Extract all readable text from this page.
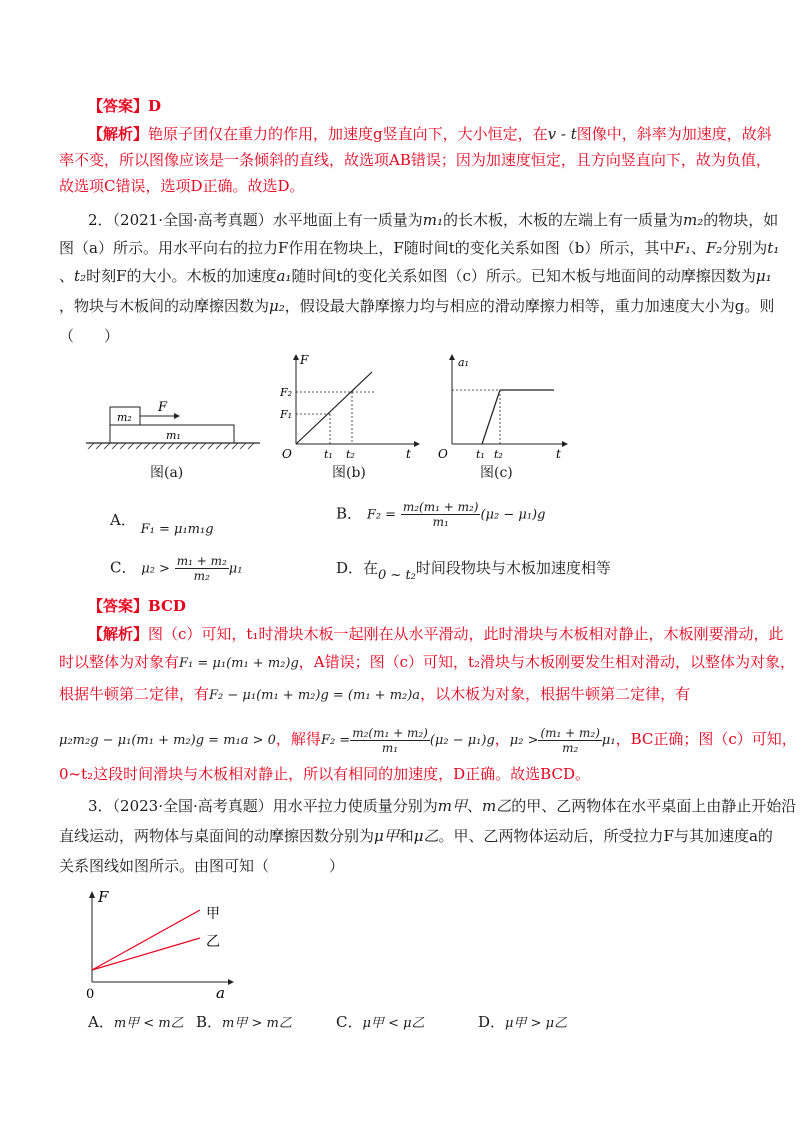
【答案】D
【解析】铯原子团仅在重力的作用，加速度g竖直向下，大小恒定，在v - t图像中，斜率为加速度，故斜
率不变，所以图像应该是一条倾斜的直线，故选项AB错误；因为加速度恒定，且方向竖直向下，故为负值，
故选项C错误，选项D正确。故选D。
2．（2021·全国·高考真题）水平地面上有一质量为m₁的长木板，木板的左端上有一质量为m₂的物块，如
图（a）所示。用水平向右的拉力F作用在物块上，F随时间t的变化关系如图（b）所示，其中F₁、F₂分别为t₁
、t₂时刻F的大小。木板的加速度a₁随时间t的变化关系如图（c）所示。已知木板与地面间的动摩擦因数为μ₁
，物块与木板间的动摩擦因数为μ₂，假设最大静摩擦力均与相应的滑动摩擦力相等，重力加速度大小为g。则
（　　）
m₂
m₁
F
图(a)
F
F₁
F₂
O	t₁ t₂	t
图(b)
a₁
O	t₁ t₂	t
图(c)
A． F₁ = μ₁m₁g
B． $F_2 = \frac{\text{m₂(m₁ + m₂)}}{\text{m₁}} (\mu_2 - \mu_1)g$
C． $\mu_2 > \frac{\text{m₁ + m₂}}{\text{m₂}} \mu_1$	D．在0 ~ t₂时间段物块与木板加速度相等
【答案】BCD
【解析】图（c）可知，t₁时滑块木板一起刚在从水平滑动，此时滑块与木板相对静止，木板刚要滑动，此
时以整体为对象有F₁ = μ₁(m₁ + m₂)g，A错误；图（c）可知，t₂滑块与木板刚要发生相对滑动，以整体为对象，
根据牛顿第二定律，有F₂ − μ₁(m₁ + m₂)g = (m₁ + m₂)a，以木板为对象，根据牛顿第二定律，有
μ₂m₂g − μ₁(m₁ + m₂)g = m₁a > 0，解得$F_2 = \frac{\text{m₂(m₁ + m₂)}}{\text{m₁}} (\mu_2 - \mu_1)g$，$\mu_2 > \frac{\text{(m₁ + m₂)}}{\text{m₂}} \mu_1$，BC正确；图（c）可知，
0~t₂这段时间滑块与木板相对静止，所以有相同的加速度，D正确。故选BCD。
3．（2023·全国·高考真题）用水平拉力使质量分别为m甲、m乙的甲、乙两物体在水平桌面上由静止开始沿
直线运动，两物体与桌面间的动摩擦因数分别为μ甲和μ乙。甲、乙两物体运动后，所受拉力F与其加速度a的
关系图线如图所示。由图可知（　　　　）
F
0	a
甲
乙
A．m甲 < m乙 B．m甲 > m乙	C．μ甲 < μ乙	D．μ甲 > μ乙
